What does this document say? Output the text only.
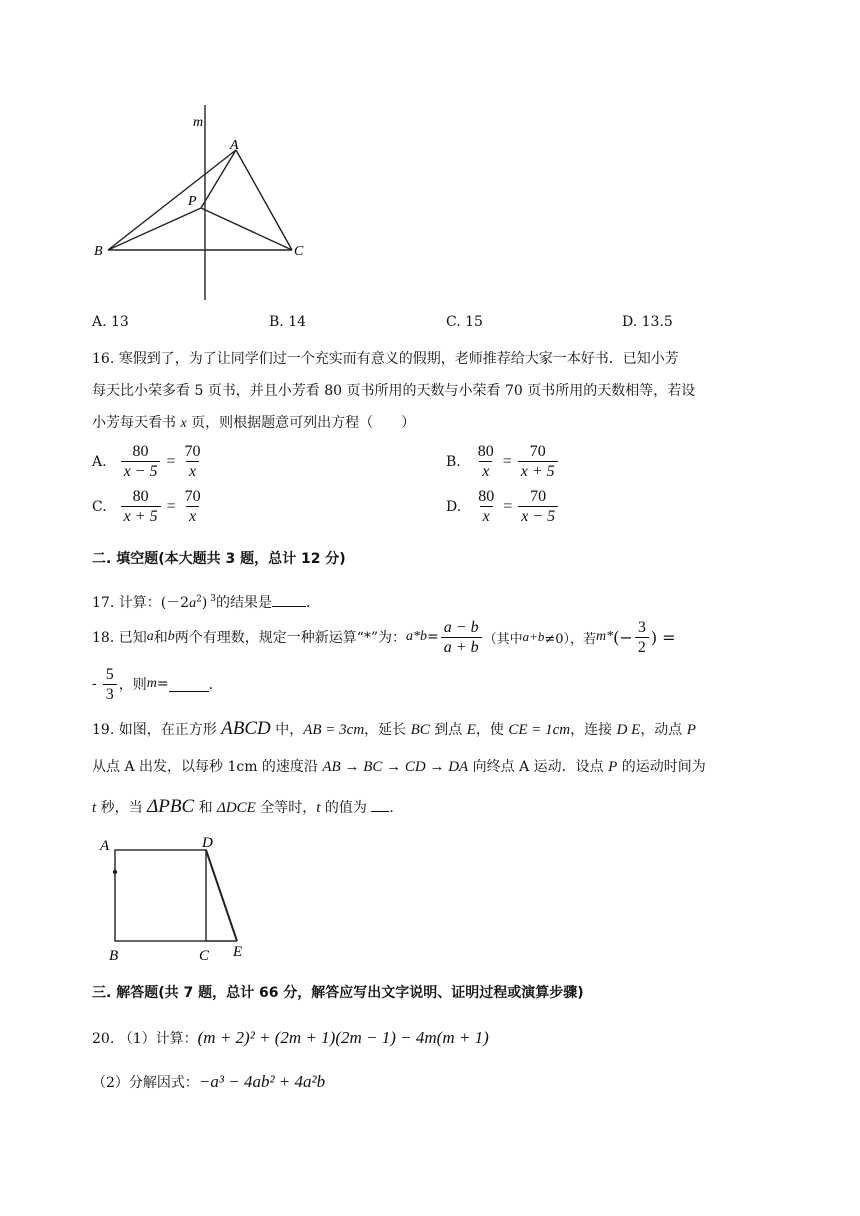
m
A
P
B	C
A. 13	B. 14	C. 15	D. 13.5
16. 寒假到了，为了让同学们过一个充实而有意义的假期，老师推荐给大家一本好书．已知小芳
每天比小荣多看 5 页书，并且小芳看 80 页书所用的天数与小荣看 70 页书所用的天数相等，若设
小芳每天看书 x 页，则根据题意可列出方程（　　）
A. $\frac{80}{x - 5} = \frac{70}{x}$	B. $\frac{80}{x} = \frac{70}{x + 5}$
C. $\frac{80}{x + 5} = \frac{70}{x}$	D. $\frac{80}{x} = \frac{70}{x - 5}$
二. 填空题(本大题共 3 题，总计 12 分)
17. 计算：$(-2a^2)$ $^3$的结果是 ．
18. 已知 a 和 b 两个有理数，规定一种新运算“*”为： $a*b = \frac{a - b}{a + b}$ （其中 a+b ≠0），若 m* (− $\frac{3}{2}$ ) =
- $\frac{5}{3}$ ，则 m =	．
19. 如图，在正方形 ABCD 中，AB = 3cm，延长 BC 到点 E，使 CE = 1cm，连接 D E，动点 P
从点 A 出发，以每秒 1cm 的速度沿 AB → BC → CD → DA 向终点 A 运动．设点 P 的运动时间为
t 秒，当 ΔPBC 和 ΔDCE 全等时，t 的值为 .
A	D
B	C E
三. 解答题(共 7 题，总计 66 分，解答应写出文字说明、证明过程或演算步骤)
20. （1）计算：(m + 2)² + (2m + 1)(2m − 1) − 4m(m + 1)
（2）分解因式：−a³ − 4ab² + 4a²b
